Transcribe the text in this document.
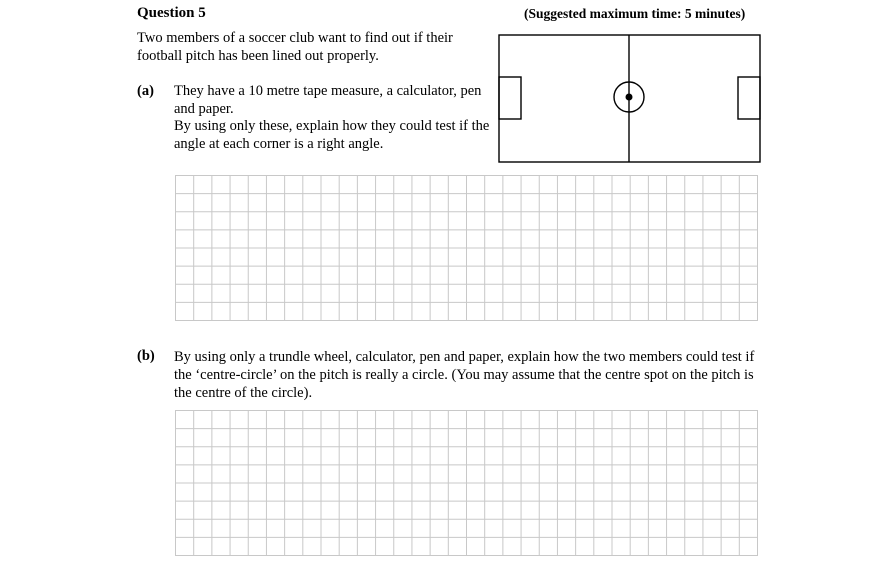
Question 5	(Suggested maximum time: 5 minutes)
Two members of a soccer club want to find out if their football pitch has been lined out properly.
(a) They have a 10 metre tape measure, a calculator, pen and paper.
By using only these, explain how they could test if the angle at each corner is a right angle.
(b) By using only a trundle wheel, calculator, pen and paper, explain how the two members could test if the ‘centre-circle’ on the pitch is really a circle. (You may assume that the centre spot on the pitch is the centre of the circle).
